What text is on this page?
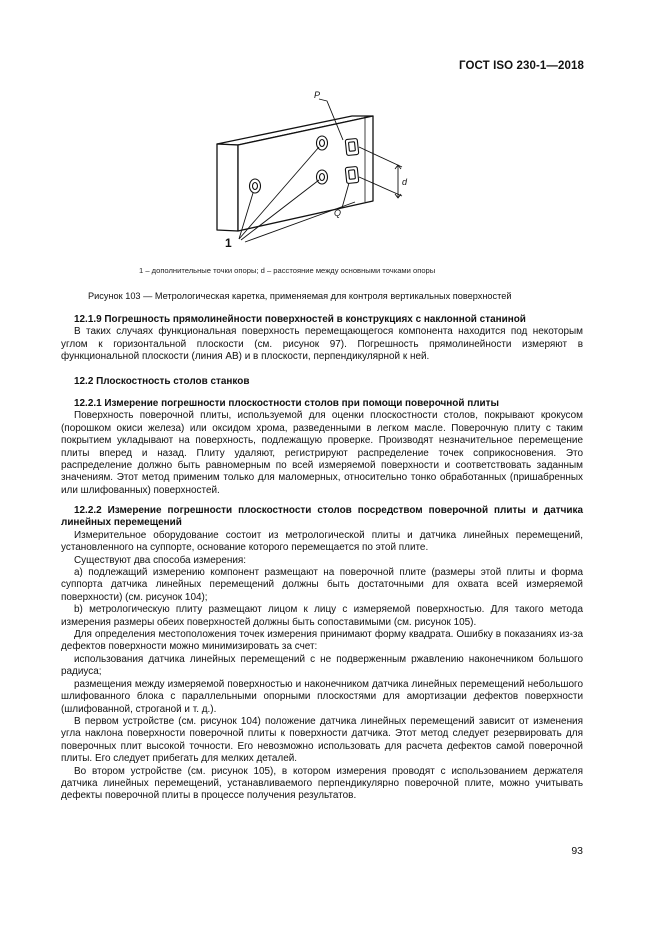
ГОСТ ISO 230-1—2018
P
Q
d
1
1 – дополнительные точки опоры; d – расстояние между основными точками опоры
Рисунок 103 — Метрологическая каретка, применяемая для контроля вертикальных поверхностей

12.1.9 Погрешность прямолинейности поверхностей в конструкциях с наклонной станиной

В таких случаях функциональная поверхность перемещающегося компонента находится под некоторым углом к горизонтальной плоскости (см. рисунок 97). Погрешность прямолинейности измеряют в функциональной плоскости (линия AB) и в плоскости, перпендикулярной к ней.

12.2 Плоскостность столов станков

12.2.1 Измерение погрешности плоскостности столов при помощи поверочной плиты

Поверхность поверочной плиты, используемой для оценки плоскостности столов, покрывают крокусом (порошком окиси железа) или оксидом хрома, разведенными в легком масле. Поверочную плиту с таким покрытием укладывают на поверхность, подлежащую проверке. Производят незначительное перемещение плиты вперед и назад. Плиту удаляют, регистрируют распределение точек соприкосновения. Это распределение должно быть равномерным по всей измеряемой поверхности и соответствовать заданным значениям. Этот метод применим только для маломерных, относительно тонко обработанных (пришабренных или шлифованных) поверхностей.

12.2.2 Измерение погрешности плоскостности столов посредством поверочной плиты и датчика линейных перемещений

Измерительное оборудование состоит из метрологической плиты и датчика линейных перемещений, установленного на суппорте, основание которого перемещается по этой плите.

Существуют два способа измерения:

a) подлежащий измерению компонент размещают на поверочной плите (размеры этой плиты и форма суппорта датчика линейных перемещений должны быть достаточными для охвата всей измеряемой поверхности) (см. рисунок 104);

b) метрологическую плиту размещают лицом к лицу с измеряемой поверхностью. Для такого метода измерения размеры обеих поверхностей должны быть сопоставимыми (см. рисунок 105).

Для определения местоположения точек измерения принимают форму квадрата. Ошибку в показаниях из-за дефектов поверхности можно минимизировать за счет:

использования датчика линейных перемещений с не подверженным ржавлению наконечником большого радиуса;

размещения между измеряемой поверхностью и наконечником датчика линейных перемещений небольшого шлифованного блока с параллельными опорными плоскостями для амортизации дефектов поверхности (шлифованной, строганой и т. д.).

В первом устройстве (см. рисунок 104) положение датчика линейных перемещений зависит от изменения угла наклона поверхности поверочной плиты к поверхности датчика. Этот метод следует резервировать для поверочных плит высокой точности. Его невозможно использовать для расчета дефектов самой поверочной плиты. Его следует прибегать для мелких деталей.

Во втором устройстве (см. рисунок 105), в котором измерения проводят с использованием держателя датчика линейных перемещений, устанавливаемого перпендикулярно поверочной плите, можно учитывать дефекты поверочной плиты в процессе получения результатов.

93
